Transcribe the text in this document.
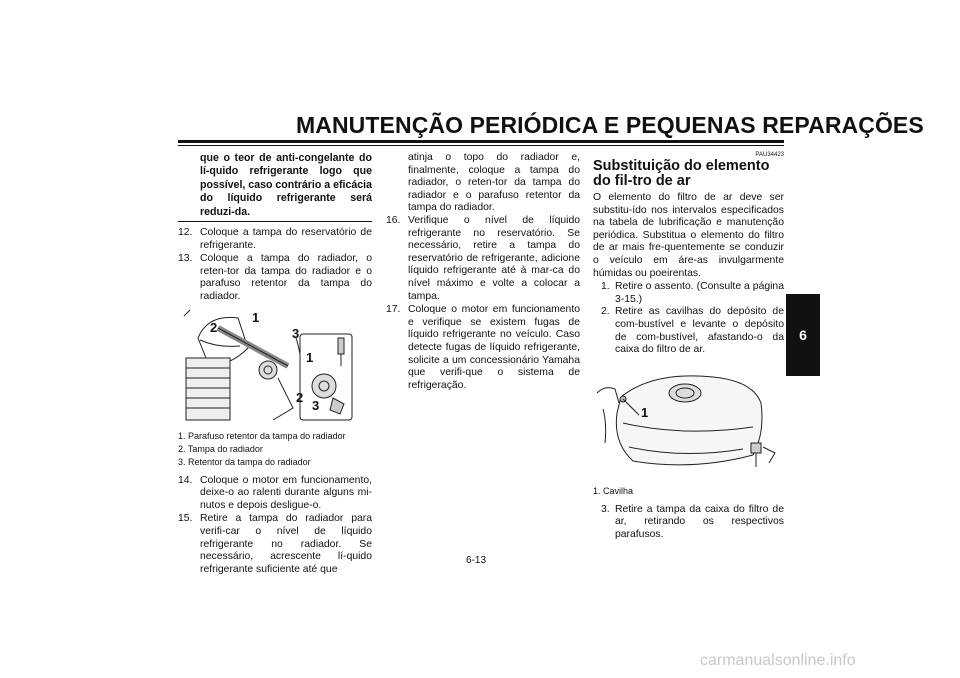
MANUTENÇÃO PERIÓDICA E PEQUENAS REPARAÇÕES
6
que o teor de anti-congelante do lí-quido refrigerante logo que possível, caso contrário a eficácia do líquido refrigerante será reduzi-da.
12. Coloque a tampa do reservatório de refrigerante.
13. Coloque a tampa do radiador, o reten-tor da tampa do radiador e o parafuso retentor da tampa do radiador.
2
1
3
1
2
3
1. Parafuso retentor da tampa do radiador
2. Tampa do radiador
3. Retentor da tampa do radiador
14. Coloque o motor em funcionamento, deixe-o ao ralenti durante alguns mi-nutos e depois desligue-o.
15. Retire a tampa do radiador para verifi-car o nível de líquido refrigerante no radiador. Se necessário, acrescente lí-quido refrigerante suficiente até que
atinja o topo do radiador e, finalmente, coloque a tampa do radiador, o reten-tor da tampa do radiador e o parafuso retentor da tampa do radiador.
16. Verifique o nível de líquido refrigerante no reservatório. Se necessário, retire a tampa do reservatório de refrigerante, adicione líquido refrigerante até à mar-ca do nível máximo e volte a colocar a tampa.
17. Coloque o motor em funcionamento e verifique se existem fugas de líquido refrigerante no veículo. Caso detecte fugas de líquido refrigerante, solicite a um concessionário Yamaha que verifi-que o sistema de refrigeração.
PAU34423
Substituição do elemento do fil-tro de ar
O elemento do filtro de ar deve ser substitu-ído nos intervalos especificados na tabela de lubrificação e manutenção periódica. Substitua o elemento do filtro de ar mais fre-quentemente se conduzir o veículo em áre-as invulgarmente húmidas ou poeirentas.
1. Retire o assento. (Consulte a página 3-15.)
2. Retire as cavilhas do depósito de com-bustível e levante o depósito de com-bustível, afastando-o da caixa do filtro de ar.
1
1. Cavilha
3. Retire a tampa da caixa do filtro de ar, retirando os respectivos parafusos.
6-13
carmanualsonline.info
